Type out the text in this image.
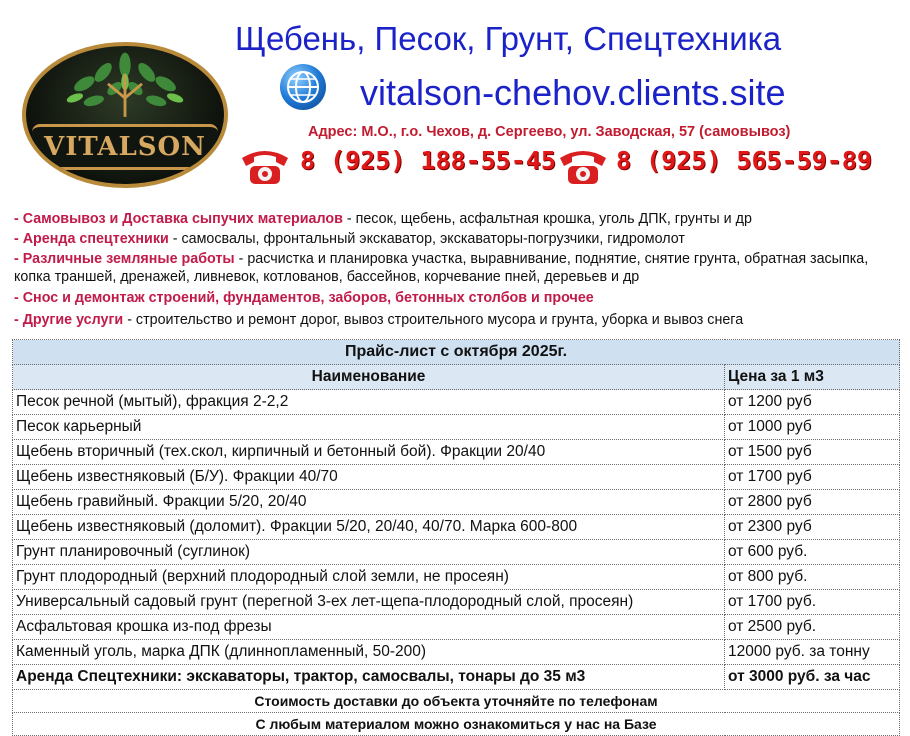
VITALSON
Щебень, Песок, Грунт, Спецтехника
vitalson-chehov.clients.site
Адрес: М.О., г.о. Чехов, д. Сергеево, ул. Заводская, 57 (самовывоз)
8 (925) 188-55-45 8 (925) 565-59-89

- Самовывоз и Доставка сыпучих материалов - песок, щебень, асфальтная крошка, уголь ДПК, грунты и др

- Аренда спецтехники - самосвалы, фронтальный экскаватор, экскаваторы-погрузчики, гидромолот

- Различные земляные работы - расчистка и планировка участка, выравнивание, поднятие, снятие грунта, обратная засыпка, копка траншей, дренажей, ливневок, котлованов, бассейнов, корчевание пней, деревьев и др

- Снос и демонтаж строений, фундаментов, заборов, бетонных столбов и прочее

- Другие услуги - строительство и ремонт дорог, вывоз строительного мусора и грунта, уборка и вывоз снега

Прайс-лист с октября 2025г.	
Наименование	Цена за 1 м3
Песок речной (мытый), фракция 2-2,2	от 1200 руб
Песок карьерный	от 1000 руб
Щебень вторичный (тех.скол, кирпичный и бетонный бой). Фракции 20/40	от 1500 руб
Щебень известняковый (Б/У). Фракции 40/70	от 1700 руб
Щебень гравийный. Фракции 5/20, 20/40	от 2800 руб
Щебень известняковый (доломит). Фракции 5/20, 20/40, 40/70. Марка 600-800	от 2300 руб
Грунт планировочный (суглинок)	от 600 руб.
Грунт плодородный (верхний плодородный слой земли, не просеян)	от 800 руб.
Универсальный садовый грунт (перегной 3-ех лет-щепа-плодородный слой, просеян)	от 1700 руб.
Асфальтовая крошка из-под фрезы	от 2500 руб.
Каменный уголь, марка ДПК (длиннопламенный, 50-200)	12000 руб. за тонну
Аренда Спецтехники: экскаваторы, трактор, самосвалы, тонары до 35 м3	от 3000 руб. за час
Стоимость доставки до объекта уточняйте по телефонам	
С любым материалом можно ознакомиться у нас на Базе	
